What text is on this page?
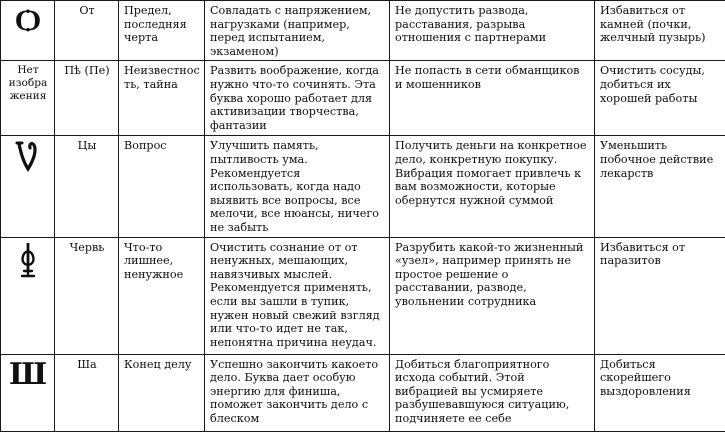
Ѻ	От	Предел, последняя черта	Совладать с напряжением, нагрузками (например, перед испытанием, экзаменом)	Не допустить развода, расставания, разрыва отношения с партнерами	Избавиться от камней (почки, желчный пузырь)
Нет изображения	Пѣ (Пе)	Неизвестность, тайна	Развить воображение, когда нужно что-то сочинять. Эта буква хорошо работает для активизации творчества, фантазии	Не попасть в сети обманщиков и мошенников	Очистить сосуды, добиться их хорошей работы

	Цы	Вопрос	Улучшить память, пытливость ума. Рекомендуется использовать, когда надо выявить все вопросы, все мелочи, все нюансы, ничего не забыть	Получить деньги на конкретное дело, конкретную покупку. Вибрация помогает привлечь к вам возможности, которые обернутся нужной суммой	Уменьшить побочное действие лекарств

	Червь	Что-то лишнее, ненужное	Очистить сознание от от ненужных, мешающих, навязчивых мыслей. Рекомендуется применять, если вы зашли в тупик, нужен новый свежий взгляд или что-то идет не так, непонятна причина неудач.	Разрубить какой-то жизненный «узел», например принять не простое решение о расставании, разводе, увольнении сотрудника	Избавиться от паразитов
Ш	Ша	Конец делу	Успешно закончить какоето дело. Буква дает особую энергию для финиша, поможет закончить дело с блеском	Добиться благоприятного исхода событий. Этой вибрацией вы усмиряете разбушевавшуюся ситуацию, подчиняете ее себе	Добиться скорейшего выздоровления
